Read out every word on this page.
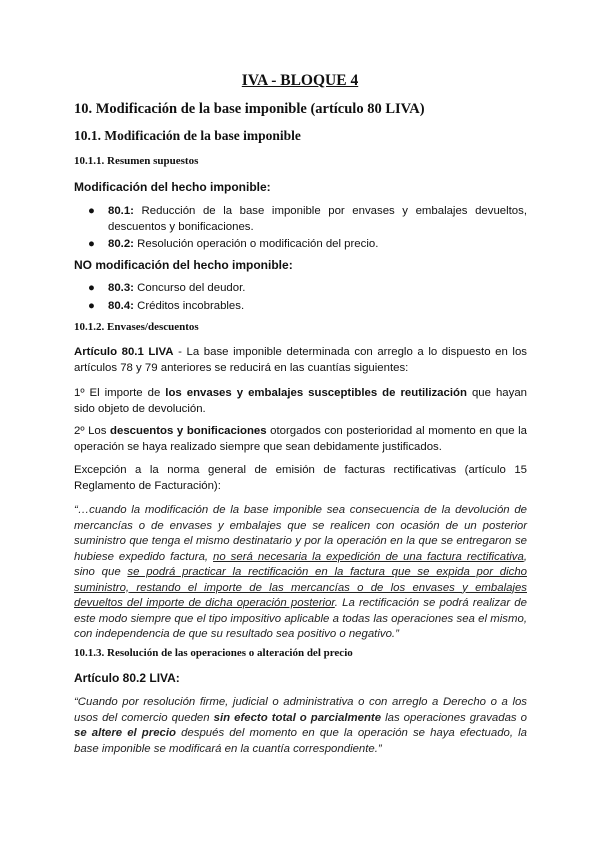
IVA - BLOQUE 4
10. Modificación de la base imponible (artículo 80 LIVA)
10.1. Modificación de la base imponible
10.1.1. Resumen supuestos
Modificación del hecho imponible:
● 80.1: Reducción de la base imponible por envases y embalajes devueltos, descuentos y bonificaciones.
● 80.2: Resolución operación o modificación del precio.
NO modificación del hecho imponible:
● 80.3: Concurso del deudor.
● 80.4: Créditos incobrables.
10.1.2. Envases/descuentos
Artículo 80.1 LIVA - La base imponible determinada con arreglo a lo dispuesto en los artículos 78 y 79 anteriores se reducirá en las cuantías siguientes:
1º El importe de los envases y embalajes susceptibles de reutilización que hayan sido objeto de devolución.
2º Los descuentos y bonificaciones otorgados con posterioridad al momento en que la operación se haya realizado siempre que sean debidamente justificados.
Excepción a la norma general de emisión de facturas rectificativas (artículo 15 Reglamento de Facturación):
“…cuando la modificación de la base imponible sea consecuencia de la devolución de mercancías o de envases y embalajes que se realicen con ocasión de un posterior suministro que tenga el mismo destinatario y por la operación en la que se entregaron se hubiese expedido factura, no será necesaria la expedición de una factura rectificativa, sino que se podrá practicar la rectificación en la factura que se expida por dicho suministro, restando el importe de las mercancías o de los envases y embalajes devueltos del importe de dicha operación posterior. La rectificación se podrá realizar de este modo siempre que el tipo impositivo aplicable a todas las operaciones sea el mismo, con independencia de que su resultado sea positivo o negativo.”
10.1.3. Resolución de las operaciones o alteración del precio
Artículo 80.2 LIVA:
“Cuando por resolución firme, judicial o administrativa o con arreglo a Derecho o a los usos del comercio queden sin efecto total o parcialmente las operaciones gravadas o se altere el precio después del momento en que la operación se haya efectuado, la base imponible se modificará en la cuantía correspondiente.”
